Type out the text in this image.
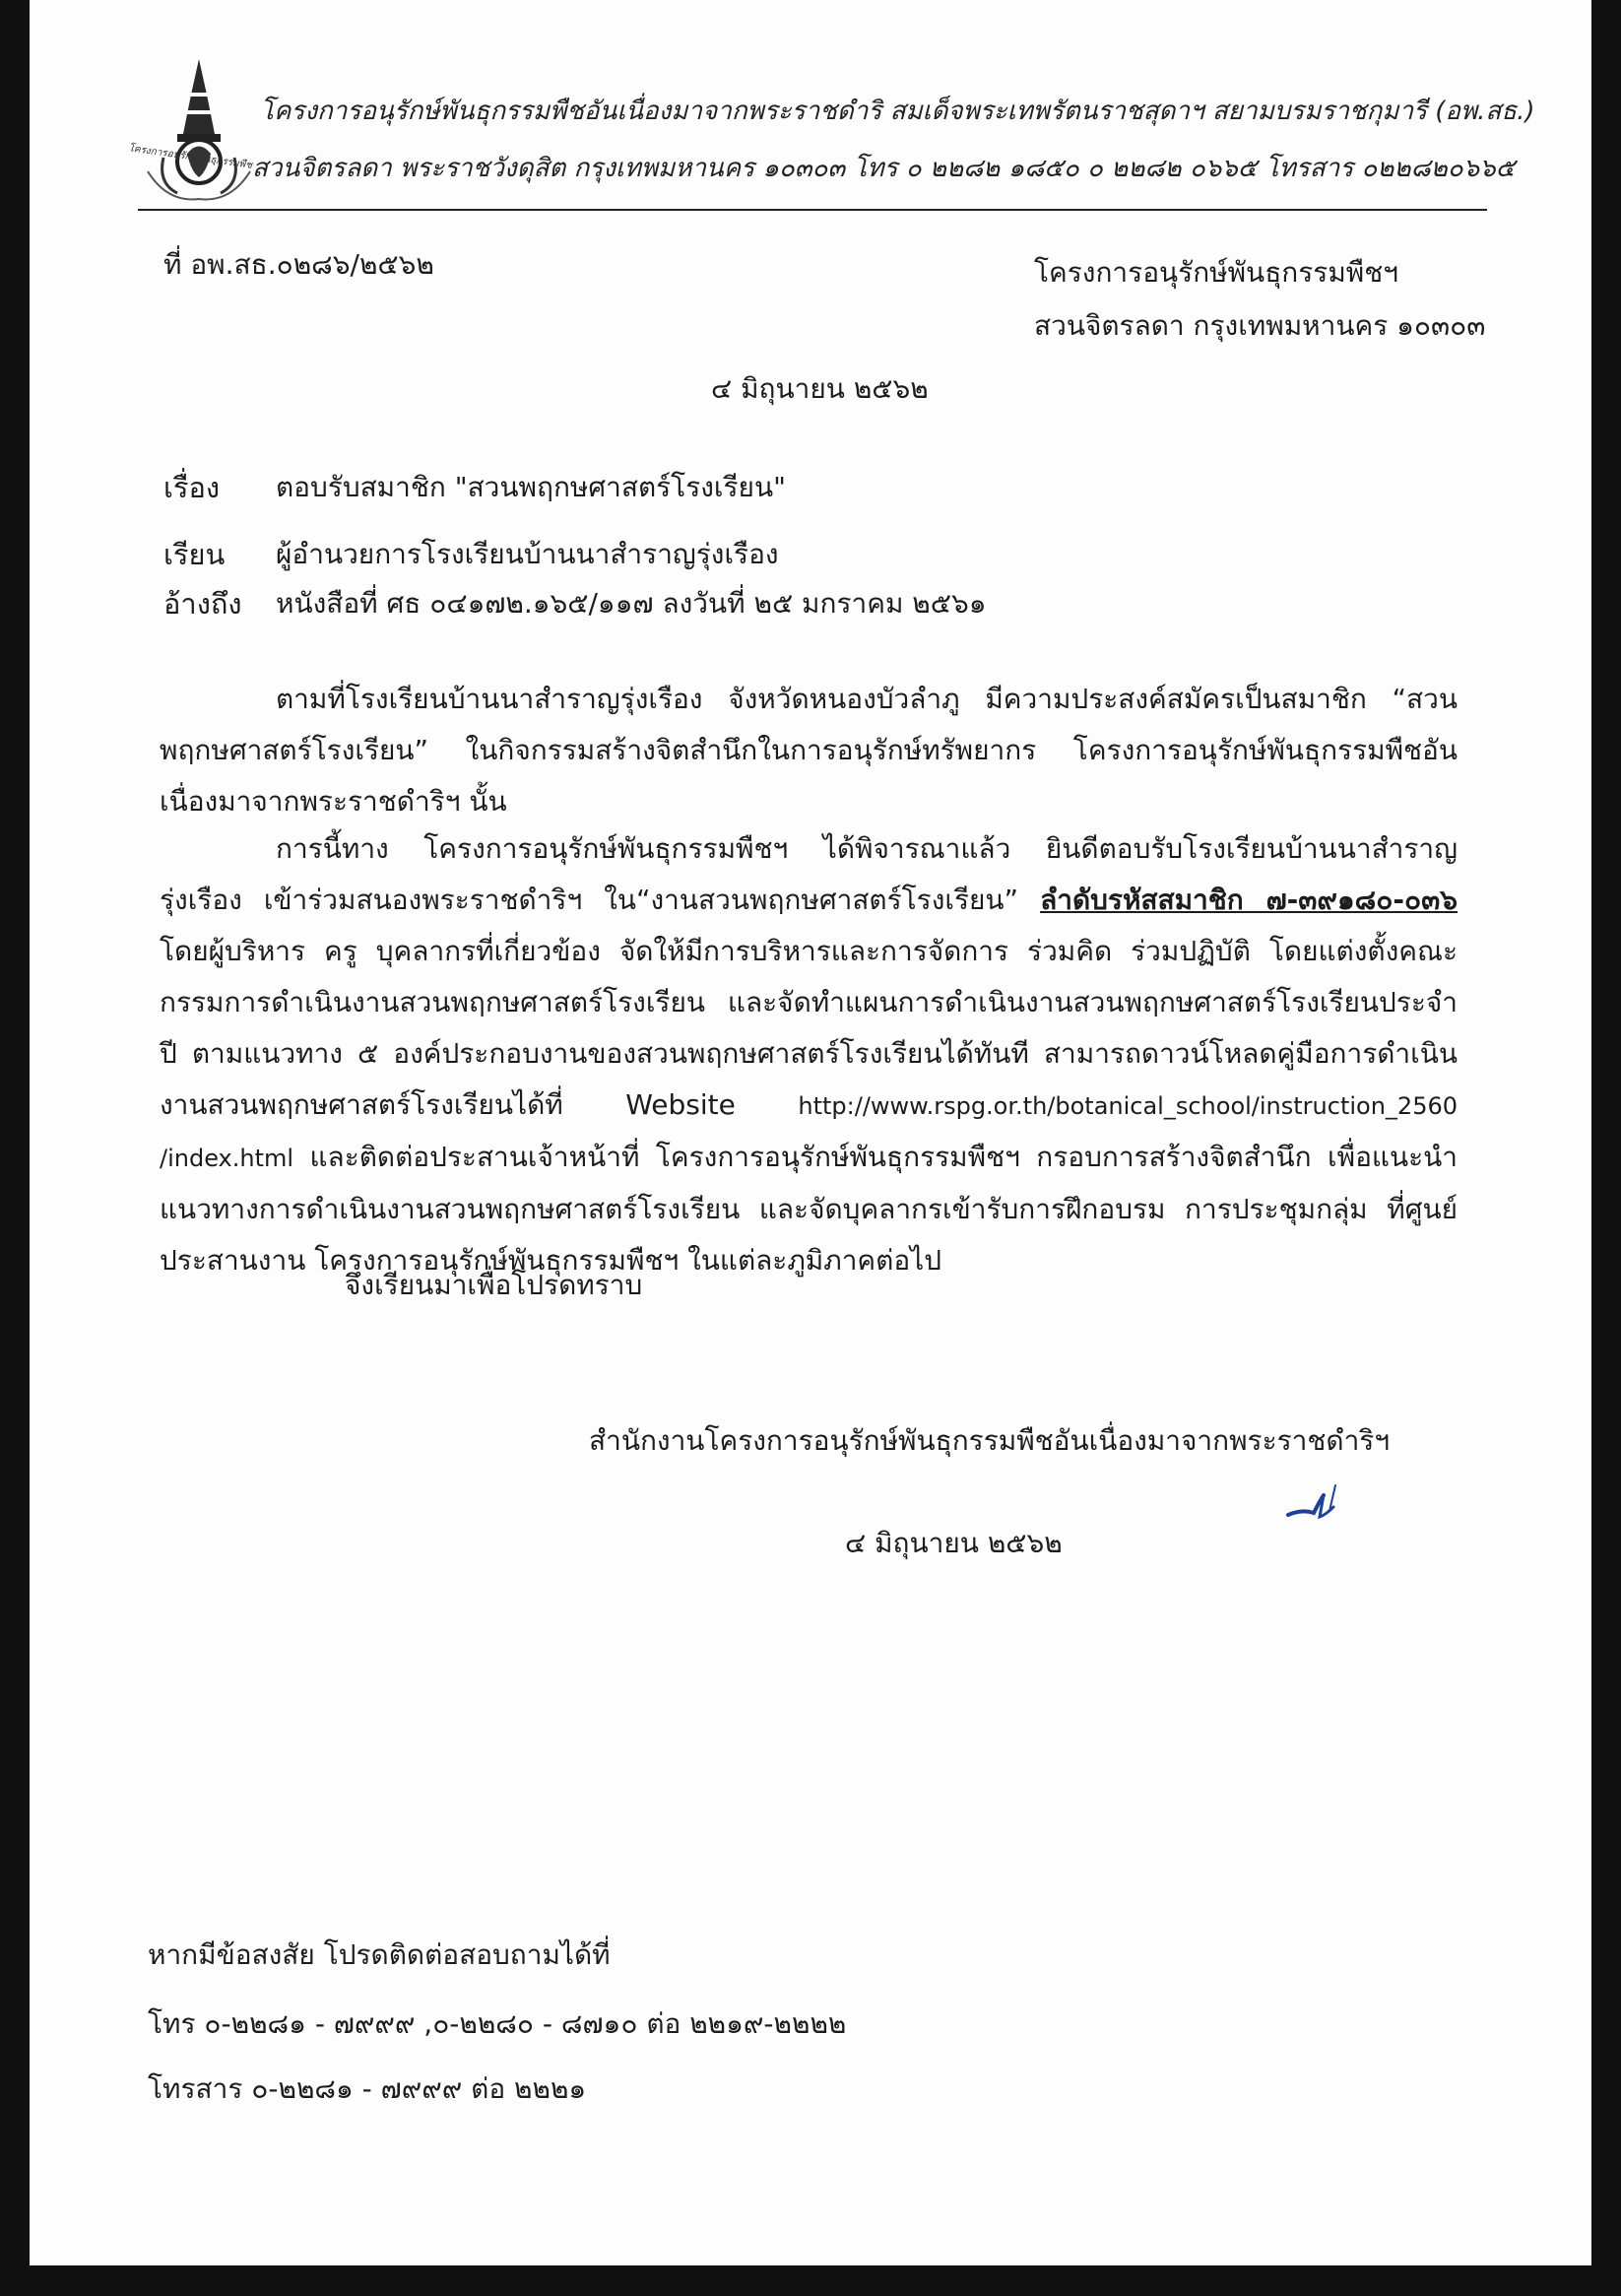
โครงการอนุรักษ์พันธุกรรมพืช
โครงการอนุรักษ์พันธุกรรมพืชอันเนื่องมาจากพระราชดำริ สมเด็จพระเทพรัตนราชสุดาฯ สยามบรมราชกุมารี (อพ.สธ.)
สวนจิตรลดา พระราชวังดุสิต กรุงเทพมหานคร ๑๐๓๐๓ โทร ๐ ๒๒๘๒ ๑๘๕๐ ๐ ๒๒๘๒ ๐๖๖๕ โทรสาร ๐๒๒๘๒๐๖๖๕
ที่ อพ.สธ.๐๒๘๖/๒๕๖๒	โครงการอนุรักษ์พันธุกรรมพืชฯ
สวนจิตรลดา กรุงเทพมหานคร ๑๐๓๐๓
๔ มิถุนายน ๒๕๖๒
เรื่อง ตอบรับสมาชิก "สวนพฤกษศาสตร์โรงเรียน"
เรียน ผู้อำนวยการโรงเรียนบ้านนาสำราญรุ่งเรือง
อ้างถึง หนังสือที่ ศธ ๐๔๑๗๒.๑๖๕/๑๑๗ ลงวันที่ ๒๕ มกราคม ๒๕๖๑
ตามที่โรงเรียนบ้านนาสำราญรุ่งเรือง จังหวัดหนองบัวลำภู มีความประสงค์สมัครเป็นสมาชิก “สวนพฤกษศาสตร์โรงเรียน” ในกิจกรรมสร้างจิตสำนึกในการอนุรักษ์ทรัพยากร โครงการอนุรักษ์พันธุกรรมพืชอันเนื่องมาจากพระราชดำริฯ นั้น
การนี้ทาง โครงการอนุรักษ์พันธุกรรมพืชฯ ได้พิจารณาแล้ว ยินดีตอบรับโรงเรียนบ้านนาสำราญรุ่งเรือง เข้าร่วมสนองพระราชดำริฯ ใน“งานสวนพฤกษศาสตร์โรงเรียน” ลำดับรหัสสมาชิก ๗-๓๙๑๘๐-๐๓๖ โดยผู้บริหาร ครู บุคลากรที่เกี่ยวข้อง จัดให้มีการบริหารและการจัดการ ร่วมคิด ร่วมปฏิบัติ โดยแต่งตั้งคณะกรรมการดำเนินงานสวนพฤกษศาสตร์โรงเรียน และจัดทำแผนการดำเนินงานสวนพฤกษศาสตร์โรงเรียนประจำปี ตามแนวทาง ๕ องค์ประกอบงานของสวนพฤกษศาสตร์โรงเรียนได้ทันที สามารถดาวน์โหลดคู่มือการดำเนินงานสวนพฤกษศาสตร์โรงเรียนได้ที่ Website http://www.rspg.or.th/botanical_school/instruction_2560 /index.html และติดต่อประสานเจ้าหน้าที่ โครงการอนุรักษ์พันธุกรรมพืชฯ กรอบการสร้างจิตสำนึก เพื่อแนะนำแนวทางการดำเนินงานสวนพฤกษศาสตร์โรงเรียน และจัดบุคลากรเข้ารับการฝึกอบรม การประชุมกลุ่ม ที่ศูนย์ประสานงาน โครงการอนุรักษ์พันธุกรรมพืชฯ ในแต่ละภูมิภาคต่อไป
จึงเรียนมาเพื่อโปรดทราบ
สำนักงานโครงการอนุรักษ์พันธุกรรมพืชอันเนื่องมาจากพระราชดำริฯ
๔ มิถุนายน ๒๕๖๒
หากมีข้อสงสัย โปรดติดต่อสอบถามได้ที่
โทร ๐-๒๒๘๑ - ๗๙๙๙ ,๐-๒๒๘๐ - ๘๗๑๐ ต่อ ๒๒๑๙-๒๒๒๒
โทรสาร ๐-๒๒๘๑ - ๗๙๙๙ ต่อ ๒๒๒๑
